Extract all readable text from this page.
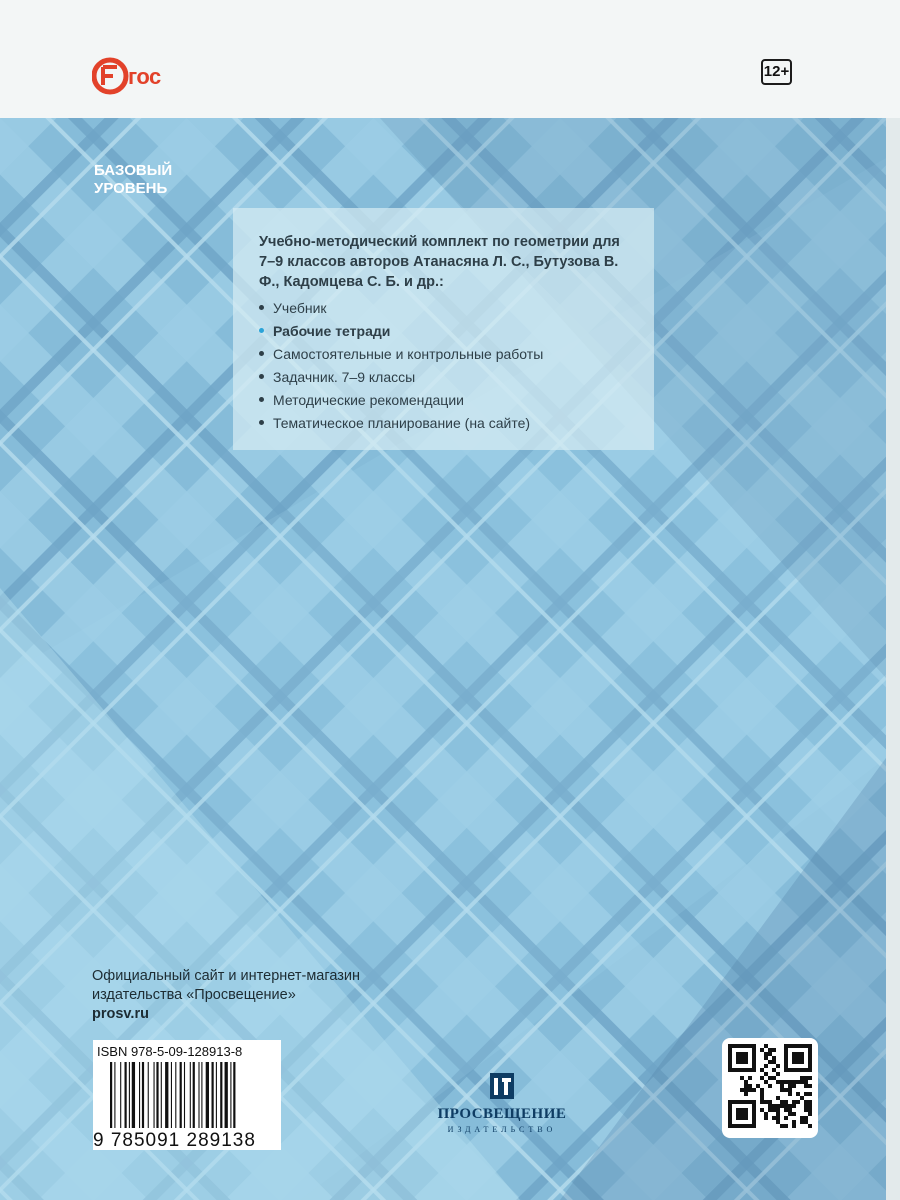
гос	12+
БАЗОВЫЙ
УРОВЕНЬ
Учебно-методический комплект по геометрии для 7–9 классов авторов Атанасяна Л. С., Бутузова В. Ф., Кадомцева С. Б. и др.:
Учебник
Рабочие тетради
Самостоятельные и контрольные работы
Задачник. 7–9 классы
Методические рекомендации
Тематическое планирование (на сайте)
Официальный сайт и интернет-магазин
издательства «Просвещение»
prosv.ru
ISBN 978-5-09-128913-8
9 785091 289138
ПРОСВЕЩЕНИЕ
ИЗДАТЕЛЬСТВО
